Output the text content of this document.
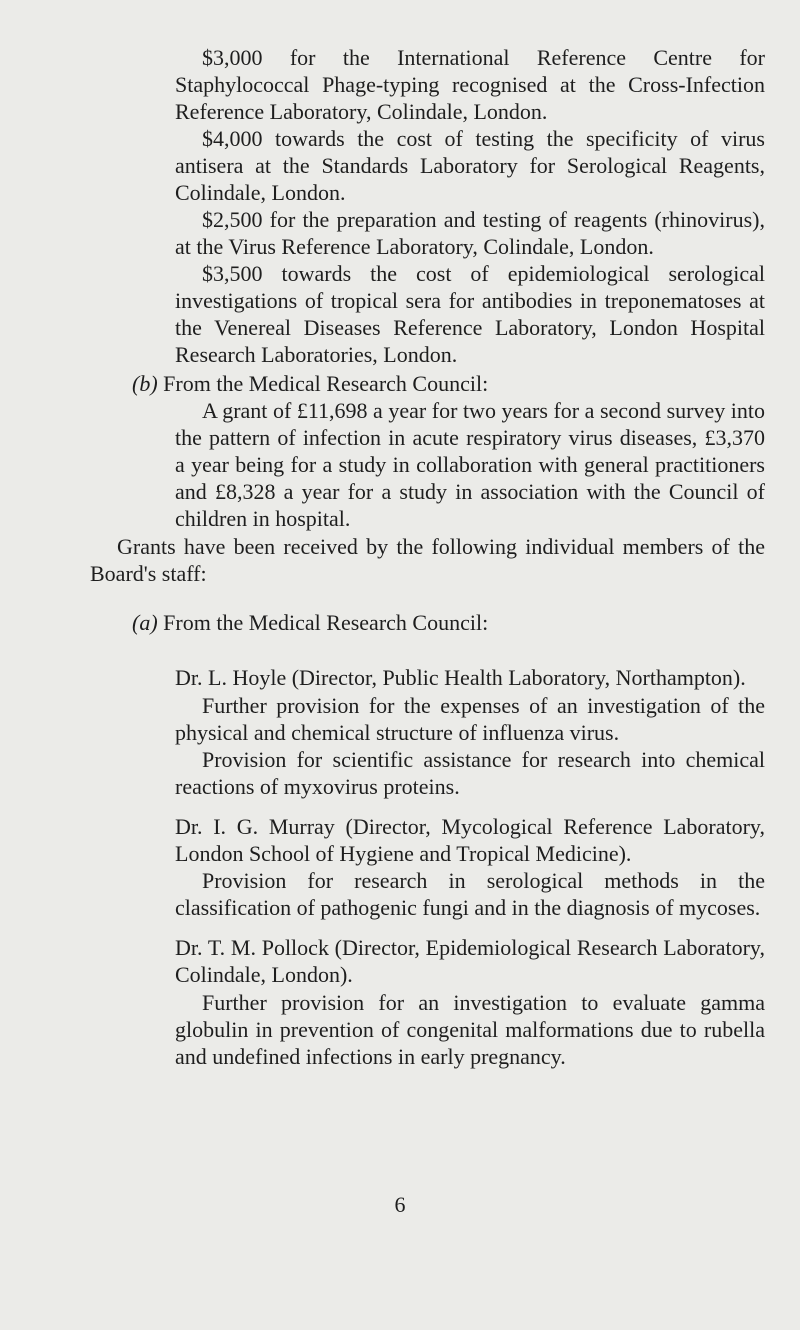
$3,000 for the International Reference Centre for Staphylococcal Phage-typing recognised at the Cross-Infection Reference Laboratory, Colindale, London.

$4,000 towards the cost of testing the specificity of virus antisera at the Standards Laboratory for Serological Reagents, Colindale, London.

$2,500 for the preparation and testing of reagents (rhinovirus), at the Virus Reference Laboratory, Colindale, London.

$3,500 towards the cost of epidemiological serological investigations of tropical sera for antibodies in treponematoses at the Venereal Diseases Reference Laboratory, London Hospital Research Laboratories, London.

(b) From the Medical Research Council:

A grant of £11,698 a year for two years for a second survey into the pattern of infection in acute respiratory virus diseases, £3,370 a year being for a study in collaboration with general practitioners and £8,328 a year for a study in association with the Council of children in hospital.

Grants have been received by the following individual members of the Board's staff:

(a) From the Medical Research Council:

Dr. L. Hoyle (Director, Public Health Laboratory, Northampton).

Further provision for the expenses of an investigation of the physical and chemical structure of influenza virus.

Provision for scientific assistance for research into chemical reactions of myxovirus proteins.

Dr. I. G. Murray (Director, Mycological Reference Laboratory, London School of Hygiene and Tropical Medicine).

Provision for research in serological methods in the classification of pathogenic fungi and in the diagnosis of mycoses.

Dr. T. M. Pollock (Director, Epidemiological Research Laboratory, Colindale, London).

Further provision for an investigation to evaluate gamma globulin in prevention of congenital malformations due to rubella and undefined infections in early pregnancy.

6
